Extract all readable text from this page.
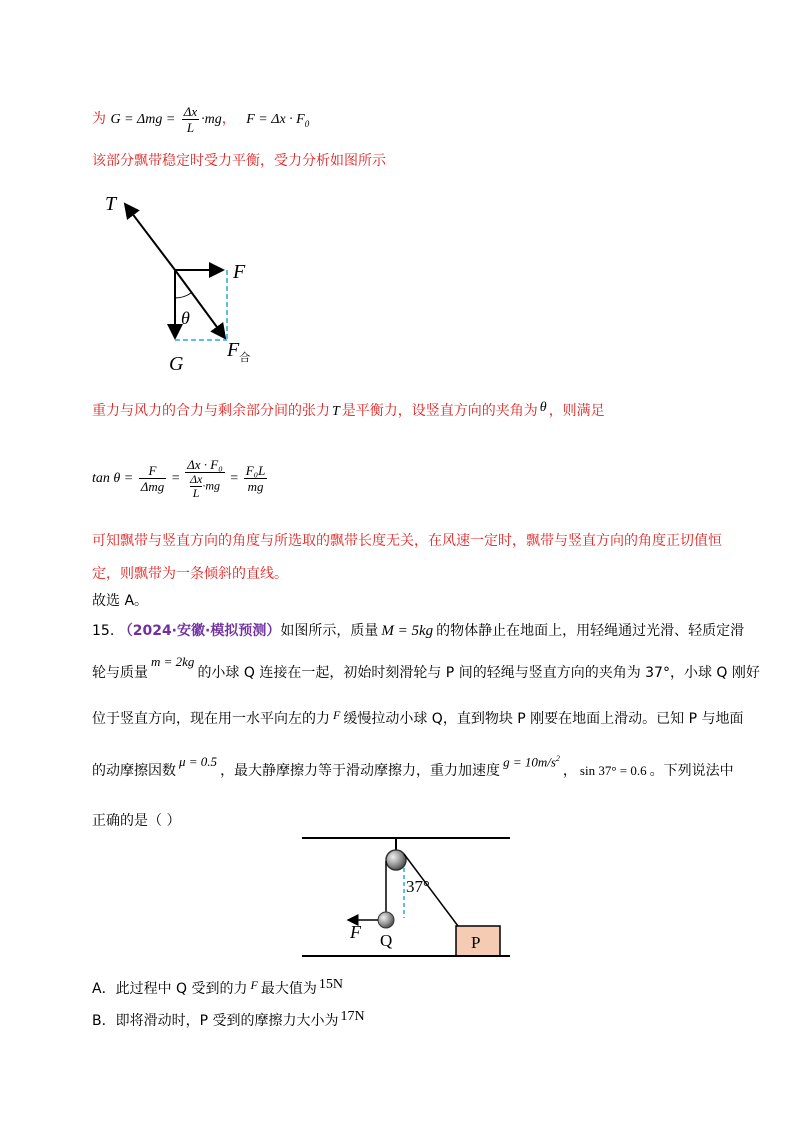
为 $G = \Delta mg = \frac{\Delta x}{L} \cdot mg$， $F = \Delta x \cdot F_0$
该部分飘带稳定时受力平衡，受力分析如图所示
T
F
θ
G
$F_合$
重力与风力的合力与剩余部分间的张力 T 是平衡力，设竖直方向的夹角为 θ ，则满足
$\tan \theta = \frac{F}{\text{Δmg}} = \frac{\text{Δx · F₀}}{\frac{\Delta x}{L} \cdot mg} = \frac{\text{F₀L}}{mg}$
可知飘带与竖直方向的角度与所选取的飘带长度无关，在风速一定时，飘带与竖直方向的角度正切值恒
定，则飘带为一条倾斜的直线。
故选 A。
15. （2024·安徽·模拟预测）如图所示，质量 M = 5kg 的物体静止在地面上，用轻绳通过光滑、轻质定滑
轮与质量m = 2kg的小球 Q 连接在一起，初始时刻滑轮与 P 间的轻绳与竖直方向的夹角为 37°，小球 Q 刚好
位于竖直方向，现在用一水平向左的力 F 缓慢拉动小球 Q，直到物块 P 刚要在地面上滑动。已知 P 与地面
的动摩擦因数μ = 0.5，最大静摩擦力等于滑动摩擦力，重力加速度$g = 10m/s^2$， sin 37° = 0.6 。下列说法中
正确的是（ ）
37°
F Q	P
A．此过程中 Q 受到的力 F 最大值为 15N
B．即将滑动时，P 受到的摩擦力大小为 17N
